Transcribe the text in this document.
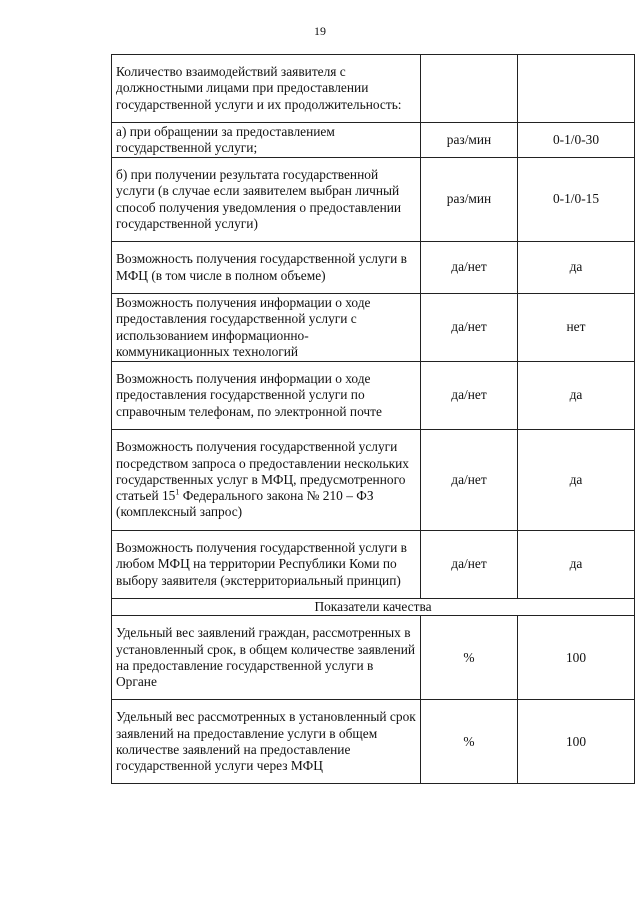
19
Количество взаимодействий заявителя с должностными лицами при предоставлении государственной услуги и их продолжительность:		
а) при обращении за предоставлением государственной услуги;	раз/мин	0-1/0-30
б) при получении результата государственной услуги (в случае если заявителем выбран личный способ получения уведомления о предоставлении государственной услуги)	раз/мин	0-1/0-15
Возможность получения государственной услуги в МФЦ (в том числе в полном объеме)	да/нет	да
Возможность получения информации о ходе предоставления государственной услуги с использованием информационно-коммуникационных технологий	да/нет	нет
Возможность получения информации о ходе предоставления государственной услуги по справочным телефонам, по электронной почте	да/нет	да
Возможность получения государственной услуги посредством запроса о предоставлении нескольких государственных услуг в МФЦ, предусмотренного статьей $15^1$ Федерального закона № 210 – ФЗ (комплексный запрос)	да/нет	да
Возможность получения государственной услуги в любом МФЦ на территории Республики Коми по выбору заявителя (экстерриториальный принцип)	да/нет	да
Показатели качества		
Удельный вес заявлений граждан, рассмотренных в установленный срок, в общем количестве заявлений на предоставление государственной услуги в Органе	%	100
Удельный вес рассмотренных в установленный срок заявлений на предоставление услуги в общем количестве заявлений на предоставление государственной услуги через МФЦ	%	100
